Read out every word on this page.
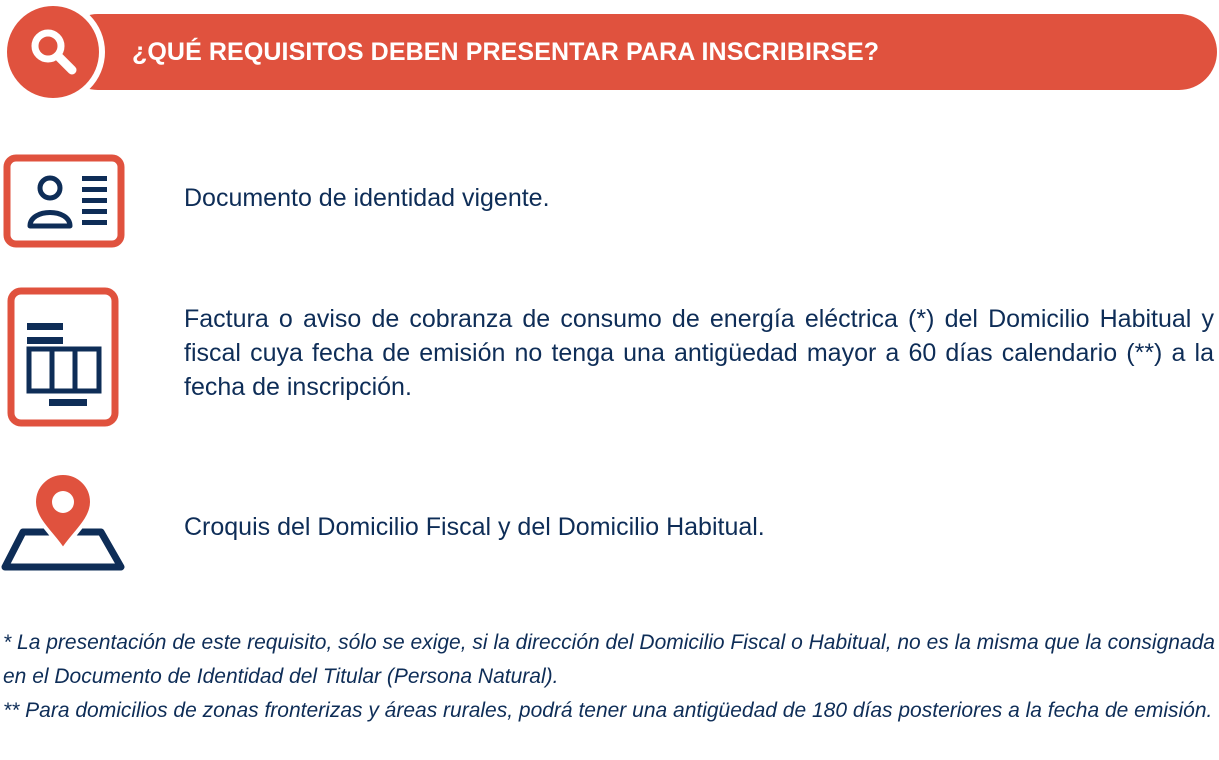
¿QUÉ REQUISITOS DEBEN PRESENTAR PARA INSCRIBIRSE?
Documento de identidad vigente.
Factura o aviso de cobranza de consumo de energía eléctrica (*) del Domicilio Habitual y fiscal cuya fecha de emisión no tenga una antigüedad mayor a 60 días calendario (**) a la fecha de inscripción.
Croquis del Domicilio Fiscal y del Domicilio Habitual.
* La presentación de este requisito, sólo se exige, si la dirección del Domicilio Fiscal o Habitual, no es la misma que la consignada en el Documento de Identidad del Titular (Persona Natural).
** Para domicilios de zonas fronterizas y áreas rurales, podrá tener una antigüedad de 180 días posteriores a la fecha de emisión.
